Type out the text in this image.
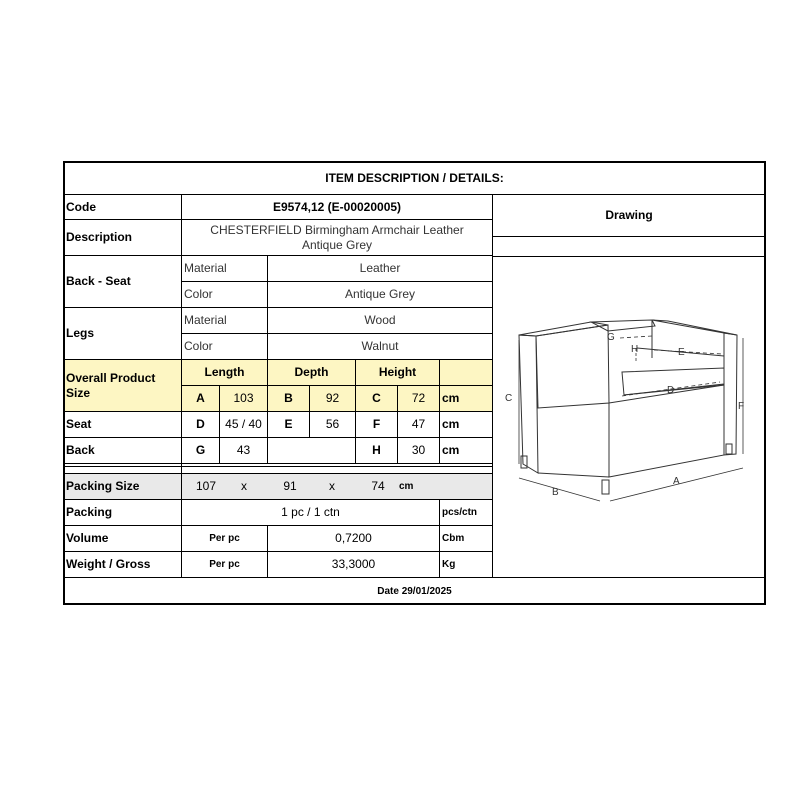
ITEM DESCRIPTION / DETAILS:
Code	E9574,12 (E-00020005)
Description
CHESTERFIELD Birmingham Armchair Leather
Antique Grey
Drawing
Back - Seat
Material	Leather
Color	Antique Grey
Legs
Material	Wood
Color	Walnut
Overall Product
Size
Length	Depth	Height
A	103	B	92	C	72	cm
Seat	D	45 / 40	E	56	F	47	cm
Back	G	43	H	30	cm
Packing Size	107	x	91	x	74	cm
Packing	1 pc / 1 ctn	pcs/ctn
Volume	Per pc	0,7200	Cbm
Weight / Gross	Per pc	33,3000	Kg
Date 29/01/2025
C
F
B
A
G
H	E
D
